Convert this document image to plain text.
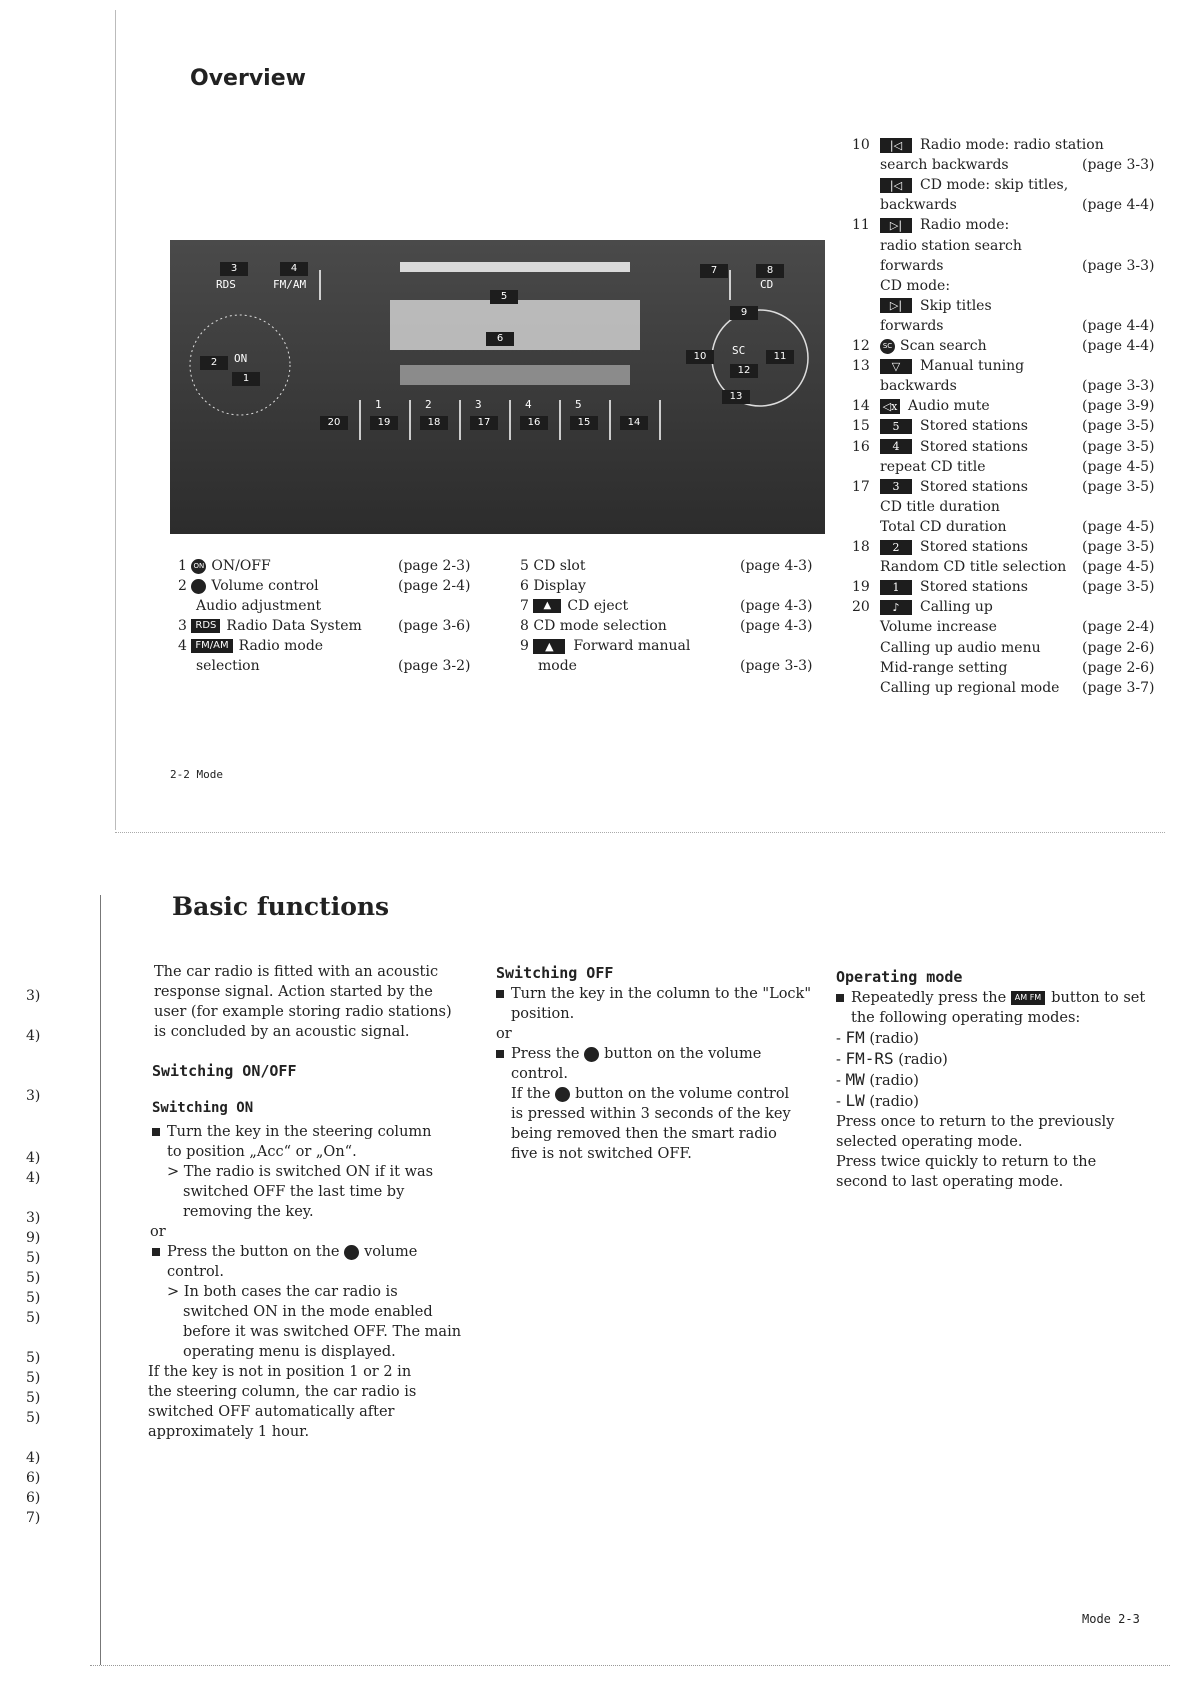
Overview
3
RDS
4
FM/AM
5
6
7	8
CD
9
10	11
SC
12
13
2	ON
1
20	19	18	17	16	15	14
1	2	3	4	5
1 ON ON/OFF	(page 2-3)
2 Volume control	(page 2-4)
Audio adjustment
3 RDS Radio Data System	(page 3-6)
4 FM/AM Radio mode
selection	(page 3-2)
5 CD slot	(page 4-3)
6 Display
7 ▲ CD eject	(page 4-3)
8 CD mode selection	(page 4-3)
9 ▲ Forward manual
mode	(page 3-3)
10 |◁ Radio mode: radio station
search backwards	(page 3-3)
|◁ CD mode: skip titles,
backwards	(page 4-4)
11 ▷| Radio mode:
radio station search
forwards	(page 3-3)
CD mode:
▷| Skip titles
forwards	(page 4-4)
12 SC Scan search	(page 4-4)
13 ▽ Manual tuning
backwards	(page 3-3)
14 ◁x Audio mute	(page 3-9)
15 5 Stored stations	(page 3-5)
16 4 Stored stations	(page 3-5)
repeat CD title	(page 4-5)
17 3 Stored stations	(page 3-5)
CD title duration
Total CD duration	(page 4-5)
18 2 Stored stations	(page 3-5)
Random CD title selection (page 4-5)
19 1 Stored stations	(page 3-5)
20 ♪ Calling up
Volume increase	(page 2-4)
Calling up audio menu	(page 2-6)
Mid-range setting	(page 2-6)
Calling up regional mode (page 3-7)
2-2 Mode
Basic functions
3)
4)
3)
4)
4)
3)
9)
5)
5)
5)
5)
5)
5)
5)
5)
4)
6)
6)
7)
The car radio is fitted with an acoustic
response signal. Action started by the
user (for example storing radio stations)
is concluded by an acoustic signal.
Switching ON/OFF
Switching ON
Turn the key in the steering column
to position „Acc“ or „On“.
> The radio is switched ON if it was
switched OFF the last time by
removing the key.
or
Press the button on the volume
control.
> In both cases the car radio is
switched ON in the mode enabled
before it was switched OFF. The main
operating menu is displayed.
If the key is not in position 1 or 2 in
the steering column, the car radio is
switched OFF automatically after
approximately 1 hour.
Switching OFF
Turn the key in the column to the "Lock"
position.
or
Press the button on the volume
control.
If the button on the volume control
is pressed within 3 seconds of the key
being removed then the smart radio
five is not switched OFF.
Operating mode
Repeatedly press the AM FM button to set
the following operating modes:
- FM (radio)
- FM-RS (radio)
- MW (radio)
- LW (radio)
Press once to return to the previously
selected operating mode.
Press twice quickly to return to the
second to last operating mode.
Mode 2-3
